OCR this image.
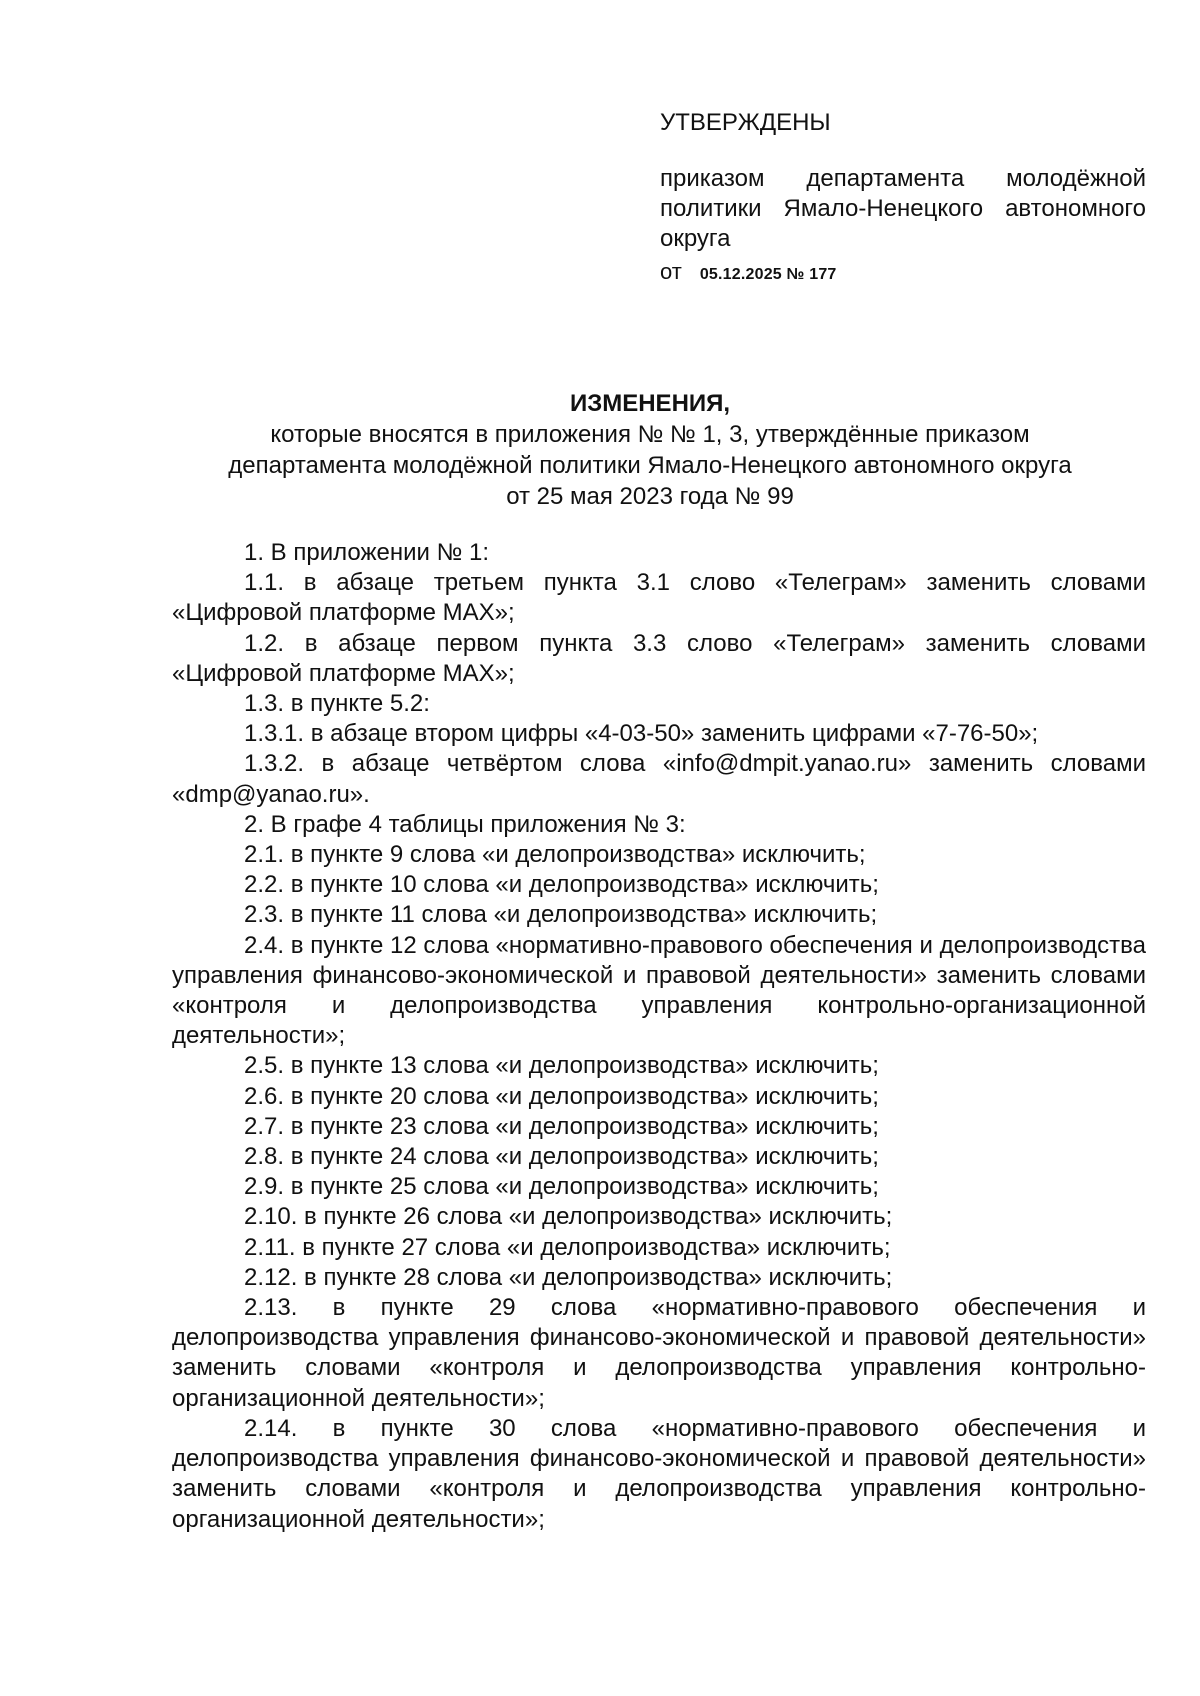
УТВЕРЖДЕНЫ

приказом департамента молодёжной политики Ямало-Ненецкого автономного округа

от 05.12.2025 № 177

ИЗМЕНЕНИЯ,

которые вносятся в приложения № № 1, 3, утверждённые приказом

департамента молодёжной политики Ямало-Ненецкого автономного округа

от 25 мая 2023 года № 99

1. В приложении № 1:

1.1. в абзаце третьем пункта 3.1 слово «Телеграм» заменить словами «Цифровой платформе MAX»;

1.2. в абзаце первом пункта 3.3 слово «Телеграм» заменить словами «Цифровой платформе MAX»;

1.3. в пункте 5.2:

1.3.1. в абзаце втором цифры «4-03-50» заменить цифрами «7-76-50»;

1.3.2. в абзаце четвёртом слова «info@dmpit.yanao.ru» заменить словами «dmp@yanao.ru».

2. В графе 4 таблицы приложения № 3:

2.1. в пункте 9 слова «и делопроизводства» исключить;

2.2. в пункте 10 слова «и делопроизводства» исключить;

2.3. в пункте 11 слова «и делопроизводства» исключить;

2.4. в пункте 12 слова «нормативно-правового обеспечения и делопроизводства управления финансово-экономической и правовой деятельности» заменить словами «контроля и делопроизводства управления контрольно-организационной деятельности»;

2.5. в пункте 13 слова «и делопроизводства» исключить;

2.6. в пункте 20 слова «и делопроизводства» исключить;

2.7. в пункте 23 слова «и делопроизводства» исключить;

2.8. в пункте 24 слова «и делопроизводства» исключить;

2.9. в пункте 25 слова «и делопроизводства» исключить;

2.10. в пункте 26 слова «и делопроизводства» исключить;

2.11. в пункте 27 слова «и делопроизводства» исключить;

2.12. в пункте 28 слова «и делопроизводства» исключить;

2.13. в пункте 29 слова «нормативно-правового обеспечения и делопроизводства управления финансово-экономической и правовой деятельности» заменить словами «контроля и делопроизводства управления контрольно-организационной деятельности»;

2.14. в пункте 30 слова «нормативно-правового обеспечения и делопроизводства управления финансово-экономической и правовой деятельности» заменить словами «контроля и делопроизводства управления контрольно-организационной деятельности»;
